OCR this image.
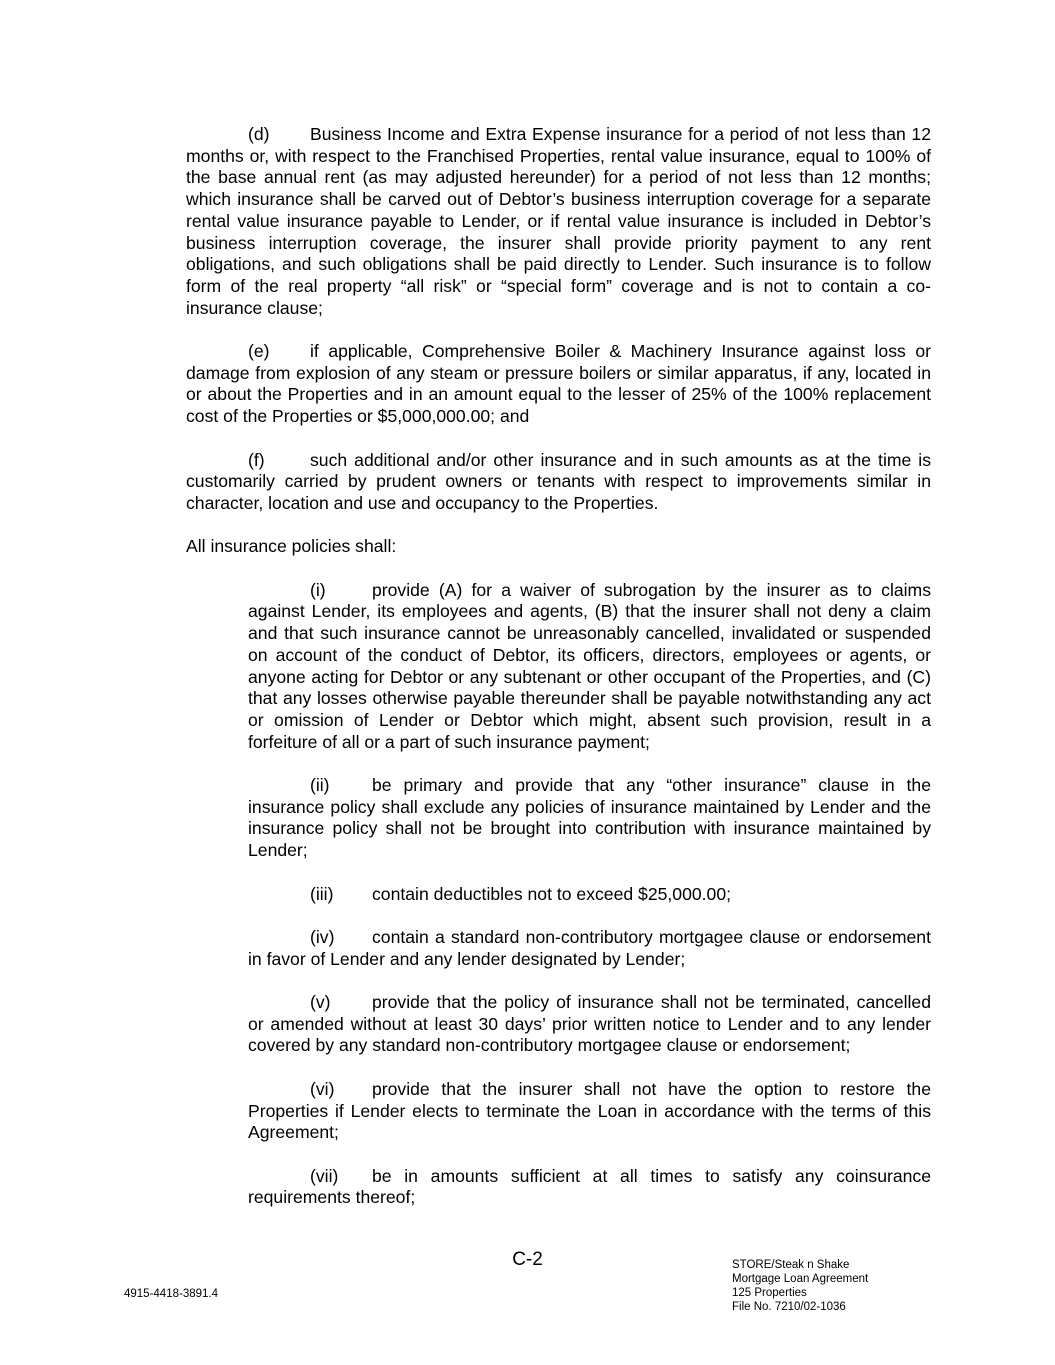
(d) Business Income and Extra Expense insurance for a period of not less than 12 months or, with respect to the Franchised Properties, rental value insurance, equal to 100% of the base annual rent (as may adjusted hereunder) for a period of not less than 12 months; which insurance shall be carved out of Debtor’s business interruption coverage for a separate rental value insurance payable to Lender, or if rental value insurance is included in Debtor’s business interruption coverage, the insurer shall provide priority payment to any rent obligations, and such obligations shall be paid directly to Lender. Such insurance is to follow form of the real property “all risk” or “special form” coverage and is not to contain a co-insurance clause;

(e) if applicable, Comprehensive Boiler & Machinery Insurance against loss or damage from explosion of any steam or pressure boilers or similar apparatus, if any, located in or about the Properties and in an amount equal to the lesser of 25% of the 100% replacement cost of the Properties or $5,000,000.00; and

(f)	such additional and/or other insurance and in such amounts as at the time is customarily carried by prudent owners or tenants with respect to improvements similar in character, location and use and occupancy to the Properties.

All insurance policies shall:

(i)	provide (A) for a waiver of subrogation by the insurer as to claims against Lender, its employees and agents, (B) that the insurer shall not deny a claim and that such insurance cannot be unreasonably cancelled, invalidated or suspended on account of the conduct of Debtor, its officers, directors, employees or agents, or anyone acting for Debtor or any subtenant or other occupant of the Properties, and (C) that any losses otherwise payable thereunder shall be payable notwithstanding any act or omission of Lender or Debtor which might, absent such provision, result in a forfeiture of all or a part of such insurance payment;

(ii) be primary and provide that any “other insurance” clause in the insurance policy shall exclude any policies of insurance maintained by Lender and the insurance policy shall not be brought into contribution with insurance maintained by Lender;

(iii) contain deductibles not to exceed $25,000.00;

(iv) contain a standard non-contributory mortgagee clause or endorsement in favor of Lender and any lender designated by Lender;

(v) provide that the policy of insurance shall not be terminated, cancelled or amended without at least 30 days’ prior written notice to Lender and to any lender covered by any standard non-contributory mortgagee clause or endorsement;

(vi) provide that the insurer shall not have the option to restore the Properties if Lender elects to terminate the Loan in accordance with the terms of this Agreement;

(vii) be in amounts sufficient at all times to satisfy any coinsurance requirements thereof;

C-2
4915-4418-3891.4
STORE/Steak n Shake
Mortgage Loan Agreement
125 Properties
File No. 7210/02-1036
